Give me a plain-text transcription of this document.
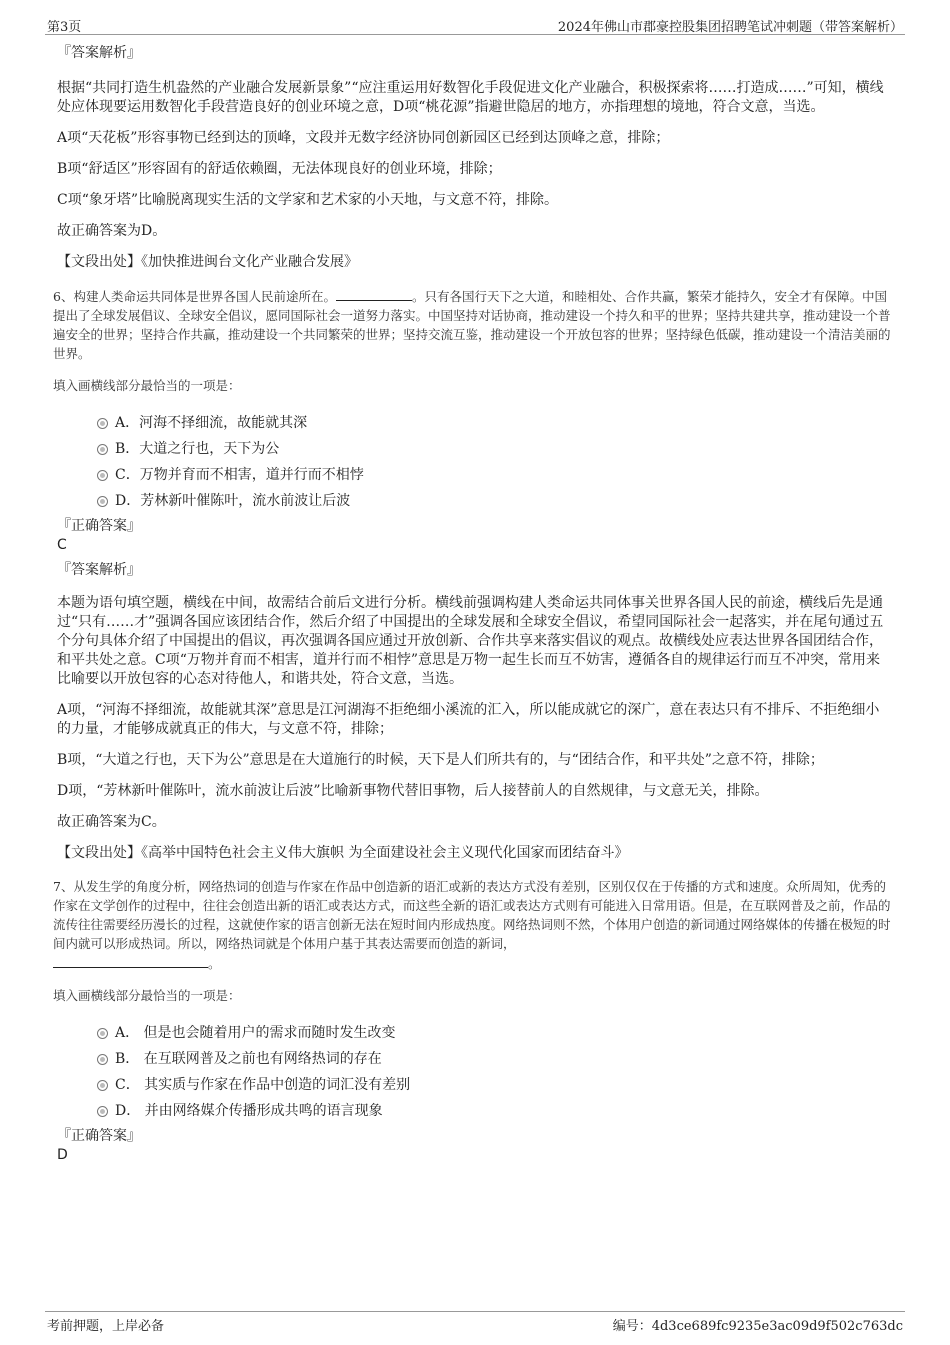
第3页	2024年佛山市郡豪控股集团招聘笔试冲刺题（带答案解析）
『答案解析』
根据“共同打造生机盎然的产业融合发展新景象”“应注重运用好数智化手段促进文化产业融合，积极探索将……打造成……”可知，横线处应体现要运用数智化手段营造良好的创业环境之意，D项“桃花源”指避世隐居的地方，亦指理想的境地，符合文意，当选。
A项“天花板”形容事物已经到达的顶峰，文段并无数字经济协同创新园区已经到达顶峰之意，排除；
B项“舒适区”形容固有的舒适依赖圈，无法体现良好的创业环境，排除；
C项“象牙塔”比喻脱离现实生活的文学家和艺术家的小天地，与文意不符，排除。
故正确答案为D。
【文段出处】《加快推进闽台文化产业融合发展》
6、构建人类命运共同体是世界各国人民前途所在。	。只有各国行天下之大道，和睦相处、合作共赢，繁荣才能持久，安全才有保障。中国提出了全球发展倡议、全球安全倡议，愿同国际社会一道努力落实。中国坚持对话协商，推动建设一个持久和平的世界；坚持共建共享，推动建设一个普遍安全的世界；坚持合作共赢，推动建设一个共同繁荣的世界；坚持交流互鉴，推动建设一个开放包容的世界；坚持绿色低碳，推动建设一个清洁美丽的世界。
填入画横线部分最恰当的一项是：
A．河海不择细流，故能就其深
B．大道之行也，天下为公
C．万物并育而不相害，道并行而不相悖
D．芳林新叶催陈叶，流水前波让后波
『正确答案』
C
『答案解析』
本题为语句填空题，横线在中间，故需结合前后文进行分析。横线前强调构建人类命运共同体事关世界各国人民的前途，横线后先是通过“只有……才”强调各国应该团结合作，然后介绍了中国提出的全球发展和全球安全倡议，希望同国际社会一起落实，并在尾句通过五个分句具体介绍了中国提出的倡议，再次强调各国应通过开放创新、合作共享来落实倡议的观点。故横线处应表达世界各国团结合作，和平共处之意。C项“万物并育而不相害，道并行而不相悖”意思是万物一起生长而互不妨害，遵循各自的规律运行而互不冲突，常用来比喻要以开放包容的心态对待他人，和谐共处，符合文意，当选。
A项，“河海不择细流，故能就其深”意思是江河湖海不拒绝细小溪流的汇入，所以能成就它的深广，意在表达只有不排斥、不拒绝细小的力量，才能够成就真正的伟大，与文意不符，排除；
B项，“大道之行也，天下为公”意思是在大道施行的时候，天下是人们所共有的，与“团结合作，和平共处”之意不符，排除；
D项，“芳林新叶催陈叶，流水前波让后波”比喻新事物代替旧事物，后人接替前人的自然规律，与文意无关，排除。
故正确答案为C。
【文段出处】《高举中国特色社会主义伟大旗帜 为全面建设社会主义现代化国家而团结奋斗》
7、从发生学的角度分析，网络热词的创造与作家在作品中创造新的语汇或新的表达方式没有差别，区别仅仅在于传播的方式和速度。众所周知，优秀的作家在文学创作的过程中，往往会创造出新的语汇或表达方式，而这些全新的语汇或表达方式则有可能进入日常用语。但是，在互联网普及之前，作品的流传往往需要经历漫长的过程，这就使作家的语言创新无法在短时间内形成热度。网络热词则不然，个体用户创造的新词通过网络媒体的传播在极短的时间内就可以形成热词。所以，网络热词就是个体用户基于其表达需要而创造的新词，
。
填入画横线部分最恰当的一项是：
A． 但是也会随着用户的需求而随时发生改变
B． 在互联网普及之前也有网络热词的存在
C． 其实质与作家在作品中创造的词汇没有差别
D． 并由网络媒介传播形成共鸣的语言现象
『正确答案』
D
考前押题，上岸必备	编号：4d3ce689fc9235e3ac09d9f502c763dc
